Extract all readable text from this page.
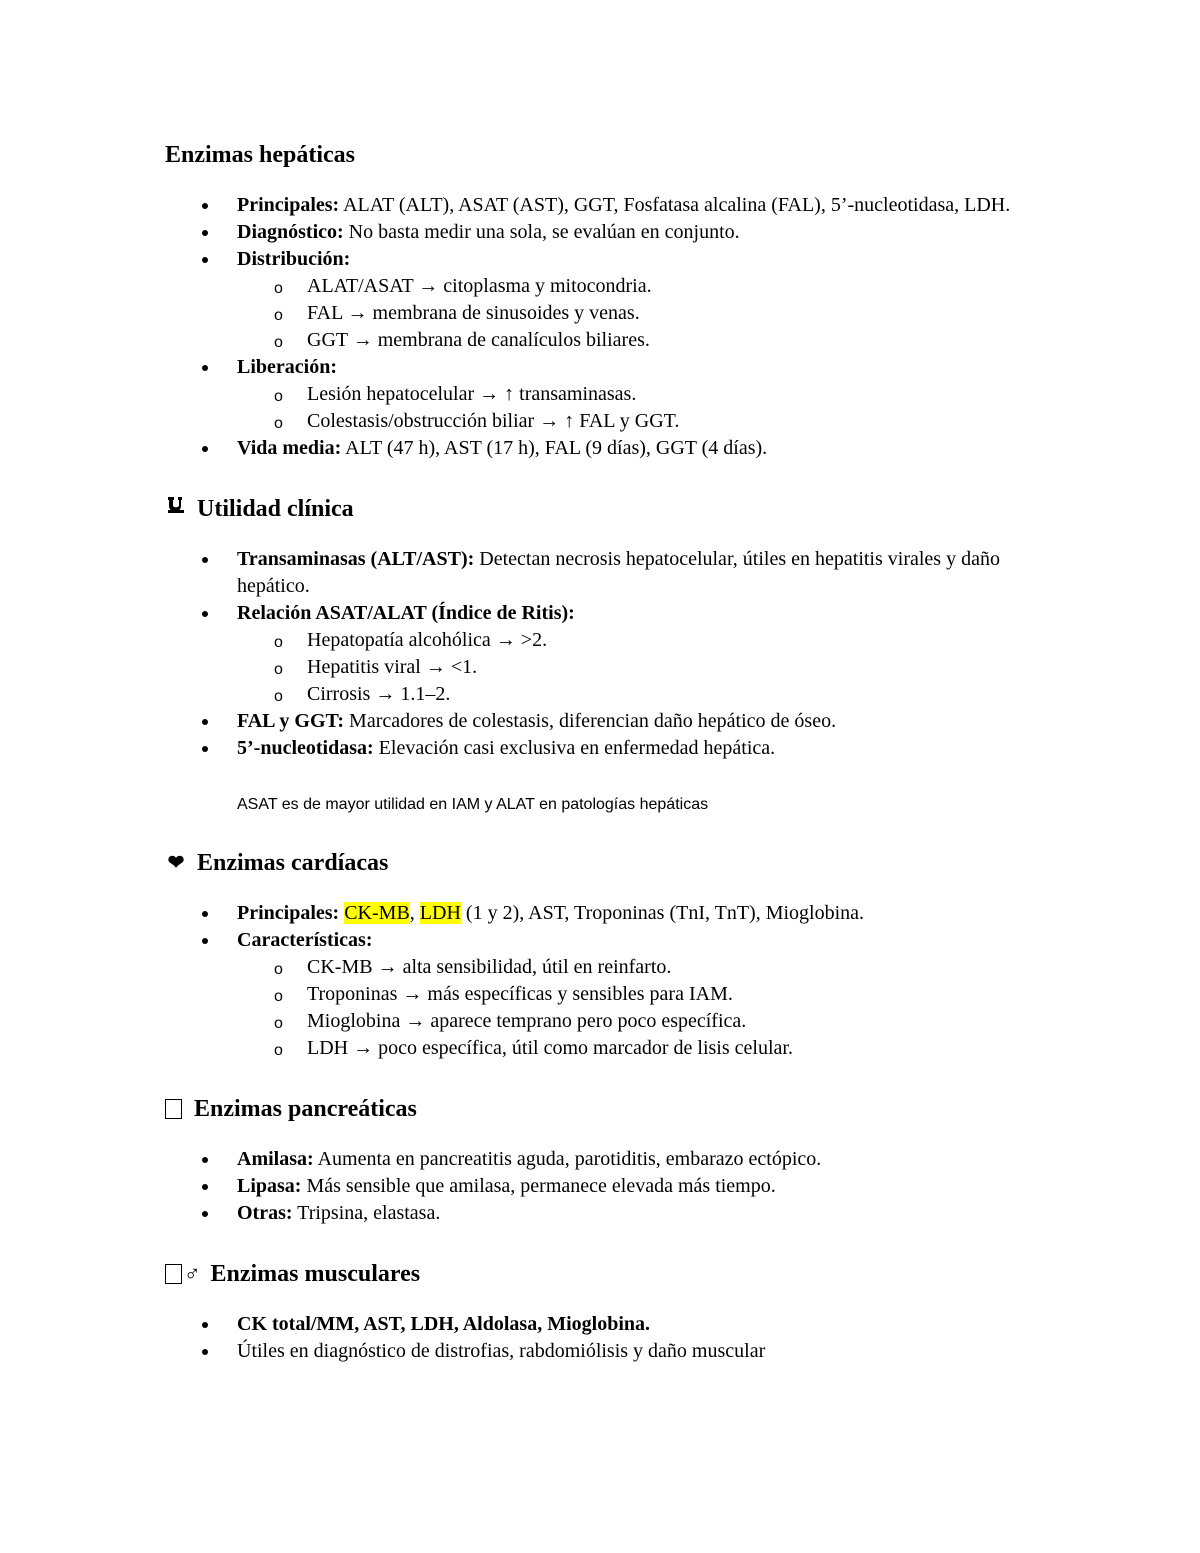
Enzimas hepáticas
Principales: ALAT (ALT), ASAT (AST), GGT, Fosfatasa alcalina (FAL), 5’-nucleotidasa, LDH.
Diagnóstico: No basta medir una sola, se evalúan en conjunto.
Distribución:
o ALAT/ASAT → citoplasma y mitocondria.
o FAL → membrana de sinusoides y venas.
o GGT → membrana de canalículos biliares.
Liberación:
o Lesión hepatocelular → ↑ transaminasas.
o Colestasis/obstrucción biliar → ↑ FAL y GGT.
Vida media: ALT (47 h), AST (17 h), FAL (9 días), GGT (4 días).
Utilidad clínica
Transaminasas (ALT/AST): Detectan necrosis hepatocelular, útiles en hepatitis virales y daño hepático.
Relación ASAT/ALAT (Índice de Ritis):
o Hepatopatía alcohólica → >2.
o Hepatitis viral → <1.
o Cirrosis → 1.1–2.
FAL y GGT: Marcadores de colestasis, diferencian daño hepático de óseo.
5’-nucleotidasa: Elevación casi exclusiva en enfermedad hepática.
ASAT es de mayor utilidad en IAM y ALAT en patologías hepáticas
❤ Enzimas cardíacas
Principales: CK-MB, LDH (1 y 2), AST, Troponinas (TnI, TnT), Mioglobina.
Características:
o CK-MB → alta sensibilidad, útil en reinfarto.
o Troponinas → más específicas y sensibles para IAM.
o Mioglobina → aparece temprano pero poco específica.
o LDH → poco específica, útil como marcador de lisis celular.
Enzimas pancreáticas
Amilasa: Aumenta en pancreatitis aguda, parotiditis, embarazo ectópico.
Lipasa: Más sensible que amilasa, permanece elevada más tiempo.
Otras: Tripsina, elastasa.
♂ Enzimas musculares
CK total/MM, AST, LDH, Aldolasa, Mioglobina.
Útiles en diagnóstico de distrofias, rabdomiólisis y daño muscular
